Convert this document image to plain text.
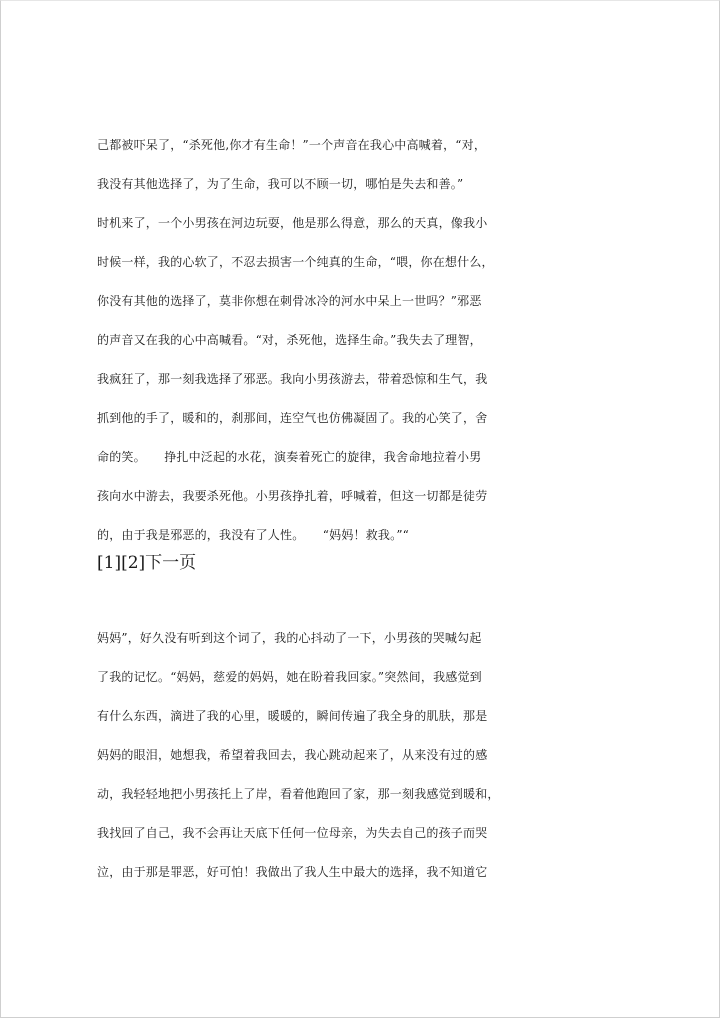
己都被吓呆了，“杀死他,你才有生命！”一个声音在我心中高喊着，“对，
我没有其他选择了，为了生命，我可以不顾一切，哪怕是失去和善。”
时机来了，一个小男孩在河边玩耍，他是那么得意，那么的天真，像我小
时候一样，我的心软了，不忍去损害一个纯真的生命，“喂，你在想什么，
你没有其他的选择了，莫非你想在刺骨冰冷的河水中呆上一世吗？”邪恶
的声音又在我的心中高喊看。“对，杀死他，选择生命。”我失去了理智，
我疯狂了，那一刻我选择了邪恶。我向小男孩游去，带着恐惊和生气，我
抓到他的手了，暖和的，刹那间，连空气也仿佛凝固了。我的心笑了，舍
命的笑。　　挣扎中泛起的水花，演奏着死亡的旋律，我舍命地拉着小男
孩向水中游去，我要杀死他。小男孩挣扎着，呼喊着，但这一切都是徒劳
的，由于我是邪恶的，我没有了人性。　　“妈妈！救我。”“
[1][2]下一页
妈妈”，好久没有听到这个词了，我的心抖动了一下，小男孩的哭喊勾起
了我的记忆。“妈妈，慈爱的妈妈，她在盼着我回家。”突然间，我感觉到
有什么东西，滴进了我的心里，暖暖的，瞬间传遍了我全身的肌肤，那是
妈妈的眼泪，她想我，希望着我回去，我心跳动起来了，从来没有过的感
动，我轻轻地把小男孩托上了岸，看着他跑回了家，那一刻我感觉到暖和，
我找回了自己，我不会再让天底下任何一位母亲，为失去自己的孩子而哭
泣，由于那是罪恶，好可怕！我做出了我人生中最大的选择，我不知道它
